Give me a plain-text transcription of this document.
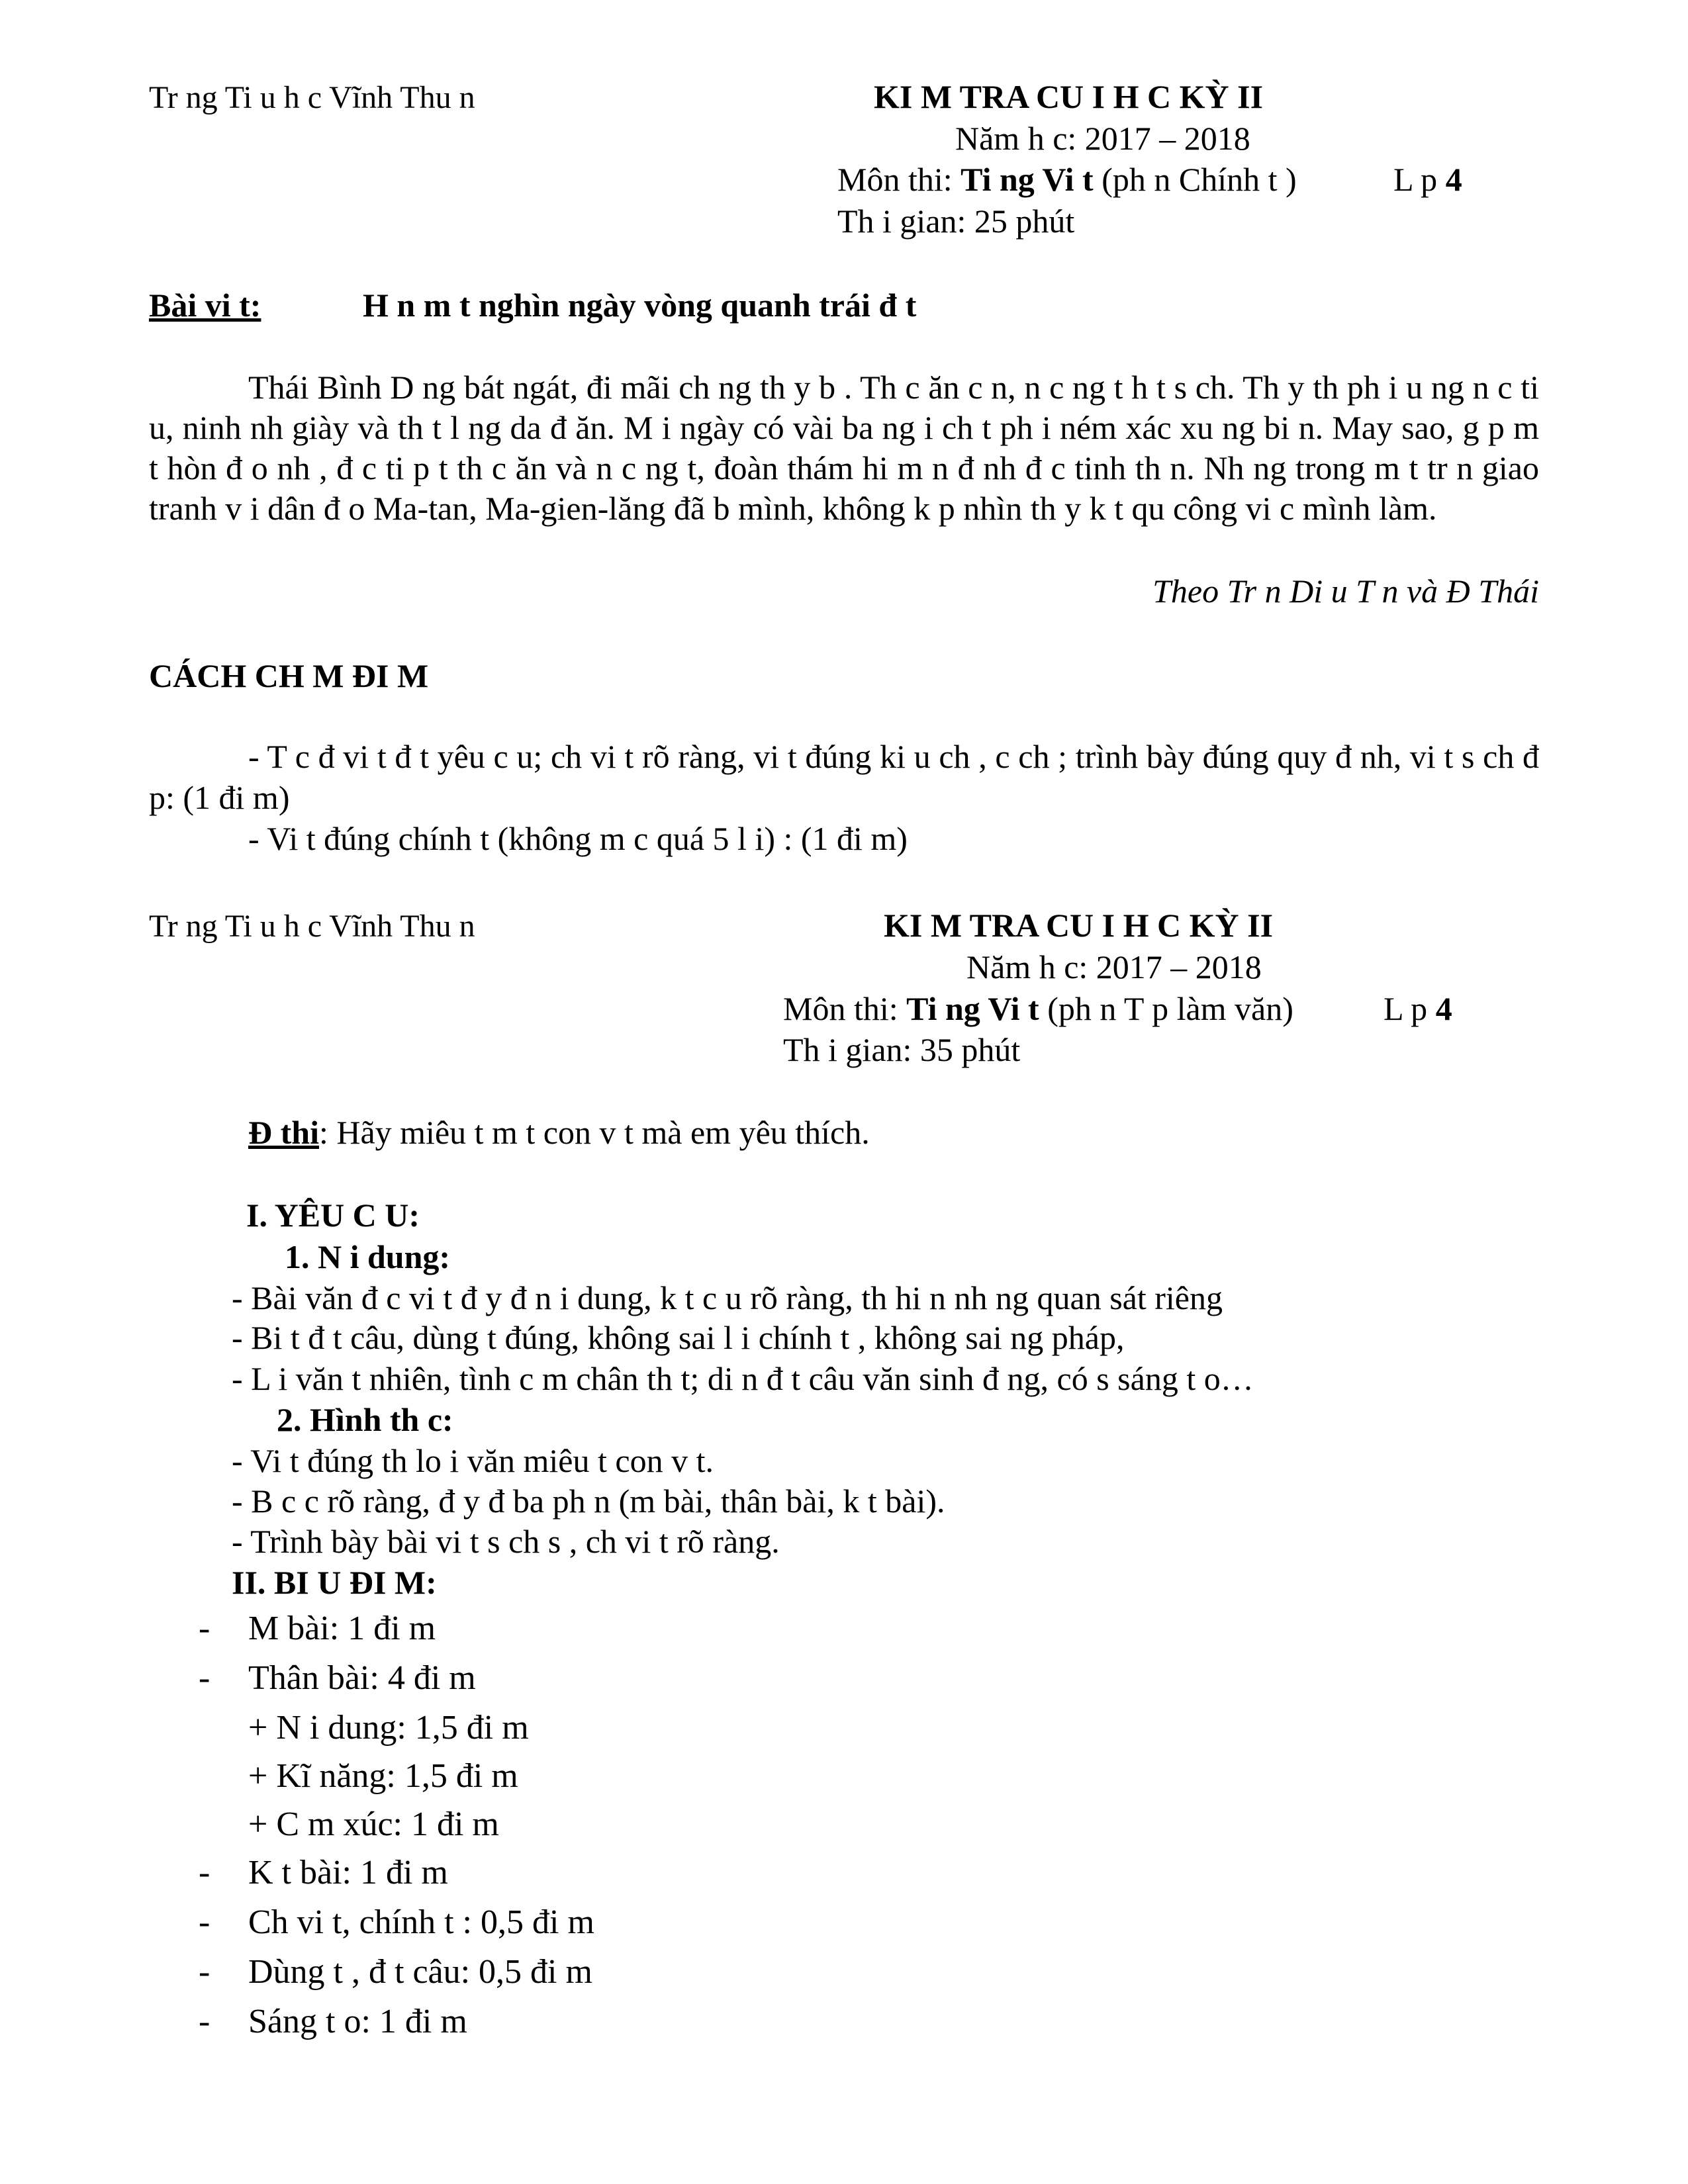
Tr ng Ti u h c Vĩnh Thu n	KI M TRA CU I H C KỲ II
Năm h c: 2017 – 2018
Môn thi: Ti ng Vi t (ph n Chính t )	L p 4
Th i gian: 25 phút
Bài vi t:	H n m t nghìn ngày vòng quanh trái đ t

Thái Bình D ng bát ngát, đi mãi ch ng th y b . Th c ăn c n, n c ng t h t s ch. Th y th ph i u ng n c ti u, ninh nh giày và th t l ng da đ ăn. M i ngày có vài ba ng i ch t ph i ném xác xu ng bi n. May sao, g p m t hòn đ o nh , đ c ti p t th c ăn và n c ng t, đoàn thám hi m n đ nh đ c tinh th n. Nh ng trong m t tr n giao tranh v i dân đ o Ma-tan, Ma-gien-lăng đã b mình, không k p nhìn th y k t qu công vi c mình làm.

Theo Tr n Di u T n và Đ Thái
CÁCH CH M ĐI M

- T c đ vi t đ t yêu c u; ch vi t rõ ràng, vi t đúng ki u ch , c ch ; trình bày đúng quy đ nh, vi t s ch đ p: (1 đi m)

- Vi t đúng chính t (không m c quá 5 l i) : (1 đi m)

Tr ng Ti u h c Vĩnh Thu n	KI M TRA CU I H C KỲ II
Năm h c: 2017 – 2018
Môn thi: Ti ng Vi t (ph n T p làm văn)	L p 4
Th i gian: 35 phút
Đ thi: Hãy miêu t m t con v t mà em yêu thích.
I. YÊU C U:
1. N i dung:
- Bài văn đ c vi t đ y đ n i dung, k t c u rõ ràng, th hi n nh ng quan sát riêng
- Bi t đ t câu, dùng t đúng, không sai l i chính t , không sai ng pháp,
- L i văn t nhiên, tình c m chân th t; di n đ t câu văn sinh đ ng, có s sáng t o…
2. Hình th c:
- Vi t đúng th lo i văn miêu t con v t.
- B c c rõ ràng, đ y đ ba ph n (m bài, thân bài, k t bài).
- Trình bày bài vi t s ch s , ch vi t rõ ràng.
II. BI U ĐI M:
- M bài: 1 đi m
- Thân bài: 4 đi m
+ N i dung: 1,5 đi m
+ Kĩ năng: 1,5 đi m
+ C m xúc: 1 đi m
- K t bài: 1 đi m
- Ch vi t, chính t : 0,5 đi m
- Dùng t , đ t câu: 0,5 đi m
- Sáng t o: 1 đi m
